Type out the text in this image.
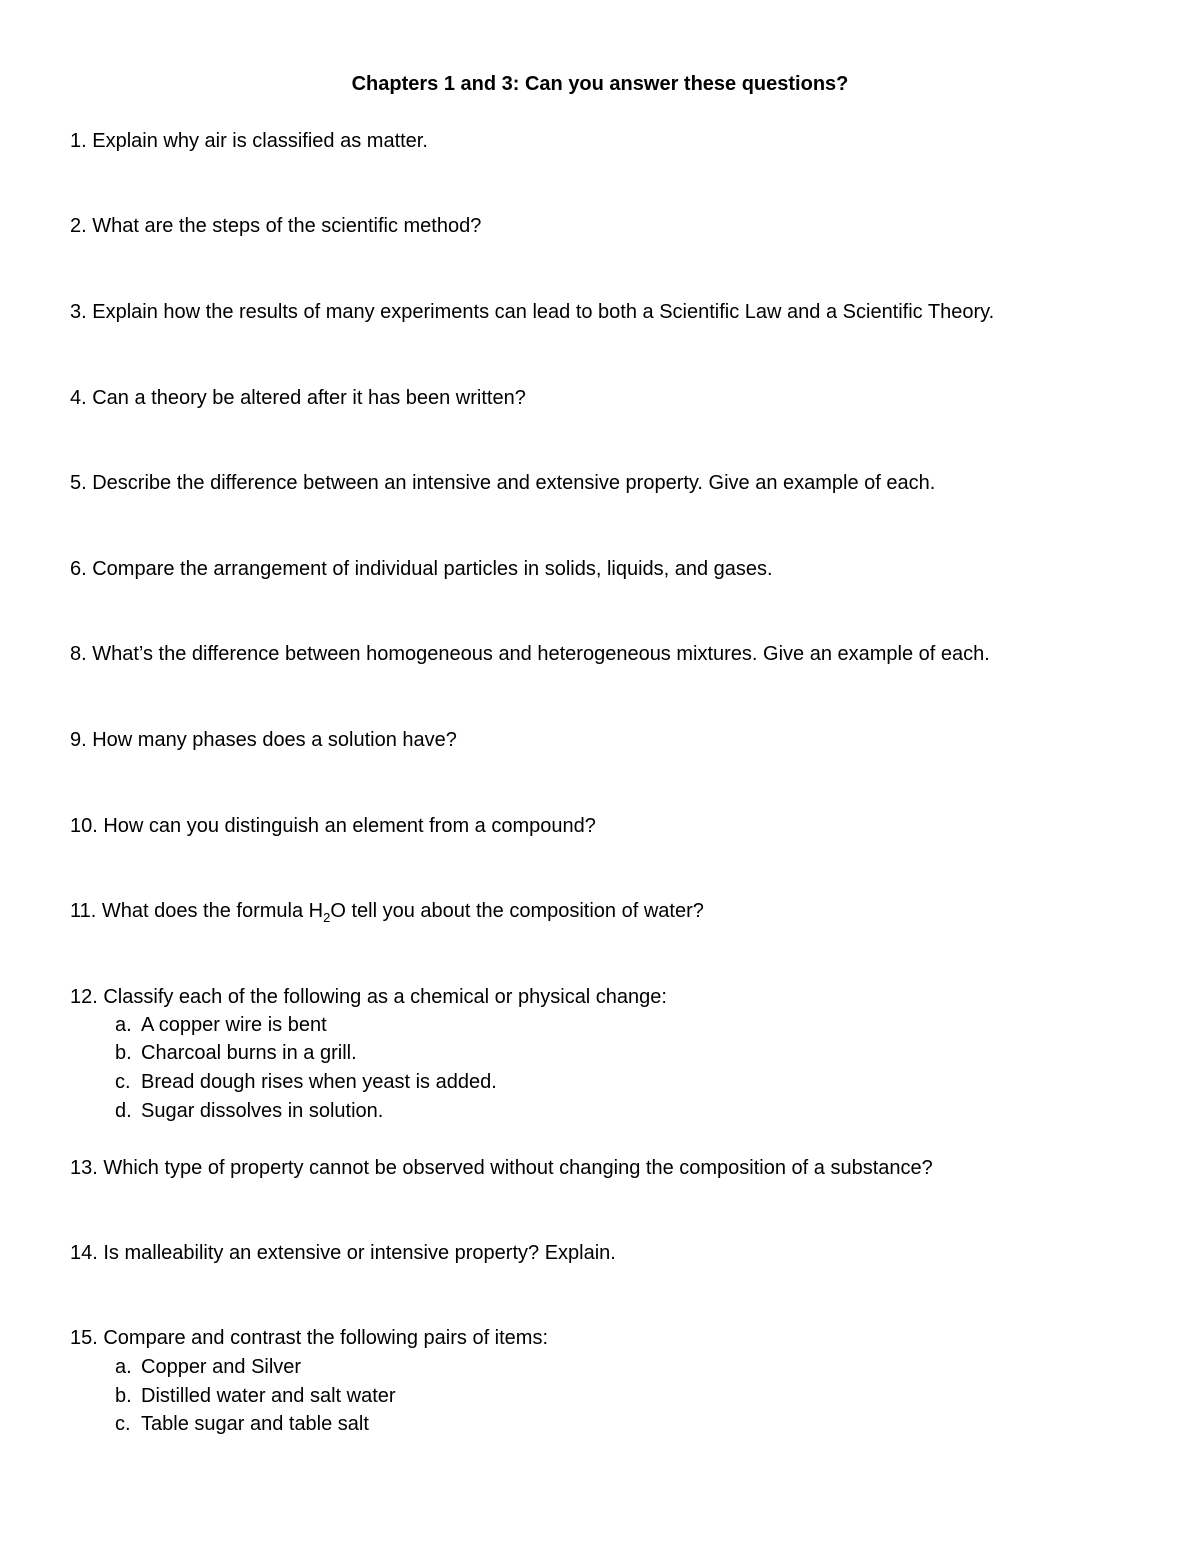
Chapters 1 and 3: Can you answer these questions?
1. Explain why air is classified as matter.
2. What are the steps of the scientific method?
3. Explain how the results of many experiments can lead to both a Scientific Law and a Scientific Theory.
4. Can a theory be altered after it has been written?
5. Describe the difference between an intensive and extensive property. Give an example of each.
6. Compare the arrangement of individual particles in solids, liquids, and gases.
8. What’s the difference between homogeneous and heterogeneous mixtures. Give an example of each.
9. How many phases does a solution have?
10. How can you distinguish an element from a compound?
11. What does the formula $H_2O$ tell you about the composition of water?
12. Classify each of the following as a chemical or physical change:
a. A copper wire is bent
b. Charcoal burns in a grill.
c. Bread dough rises when yeast is added.
d. Sugar dissolves in solution.
13. Which type of property cannot be observed without changing the composition of a substance?
14. Is malleability an extensive or intensive property? Explain.
15. Compare and contrast the following pairs of items:
a. Copper and Silver
b. Distilled water and salt water
c. Table sugar and table salt
